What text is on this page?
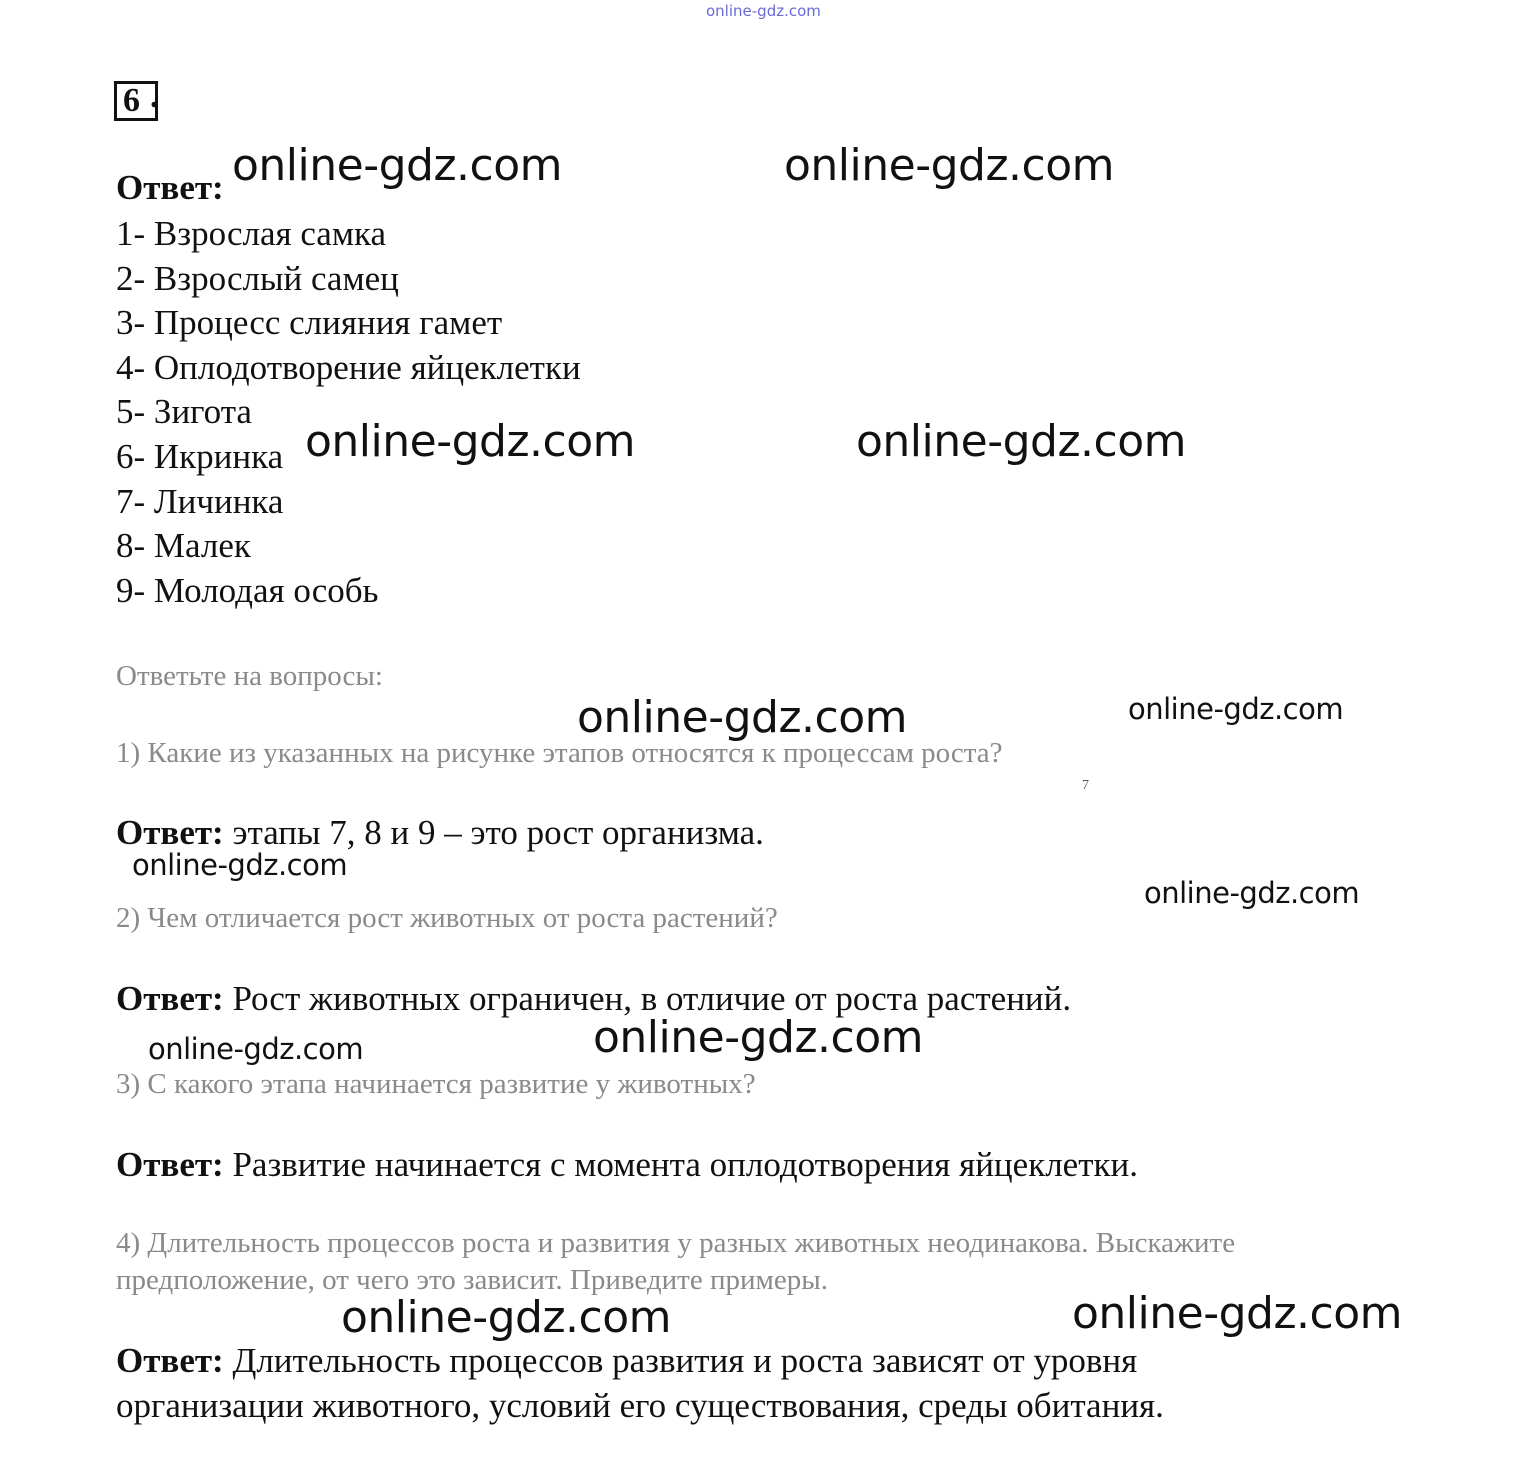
online-gdz.com
6 .
Ответ:
1- Взрослая самка
2- Взрослый самец
3- Процесс слияния гамет
4- Оплодотворение яйцеклетки
5- Зигота
6- Икринка
7- Личинка
8- Малек
9- Молодая особь
Ответьте на вопросы:
1) Какие из указанных на рисунке этапов относятся к процессам роста?
Ответ: этапы 7, 8 и 9 – это рост организма.
7
2) Чем отличается рост животных от роста растений?
Ответ: Рост животных ограничен, в отличие от роста растений.
3) С какого этапа начинается развитие у животных?
Ответ: Развитие начинается с момента оплодотворения яйцеклетки.
4) Длительность процессов роста и развития у разных животных неодинакова. Выскажите
предположение, от чего это зависит. Приведите примеры.
Ответ: Длительность процессов развития и роста зависят от уровня
организации животного, условий его существования, среды обитания.
online-gdz.com	online-gdz.com
online-gdz.com	online-gdz.com
online-gdz.com	online-gdz.com
online-gdz.com
online-gdz.com
online-gdz.com
online-gdz.com
online-gdz.com	online-gdz.com
